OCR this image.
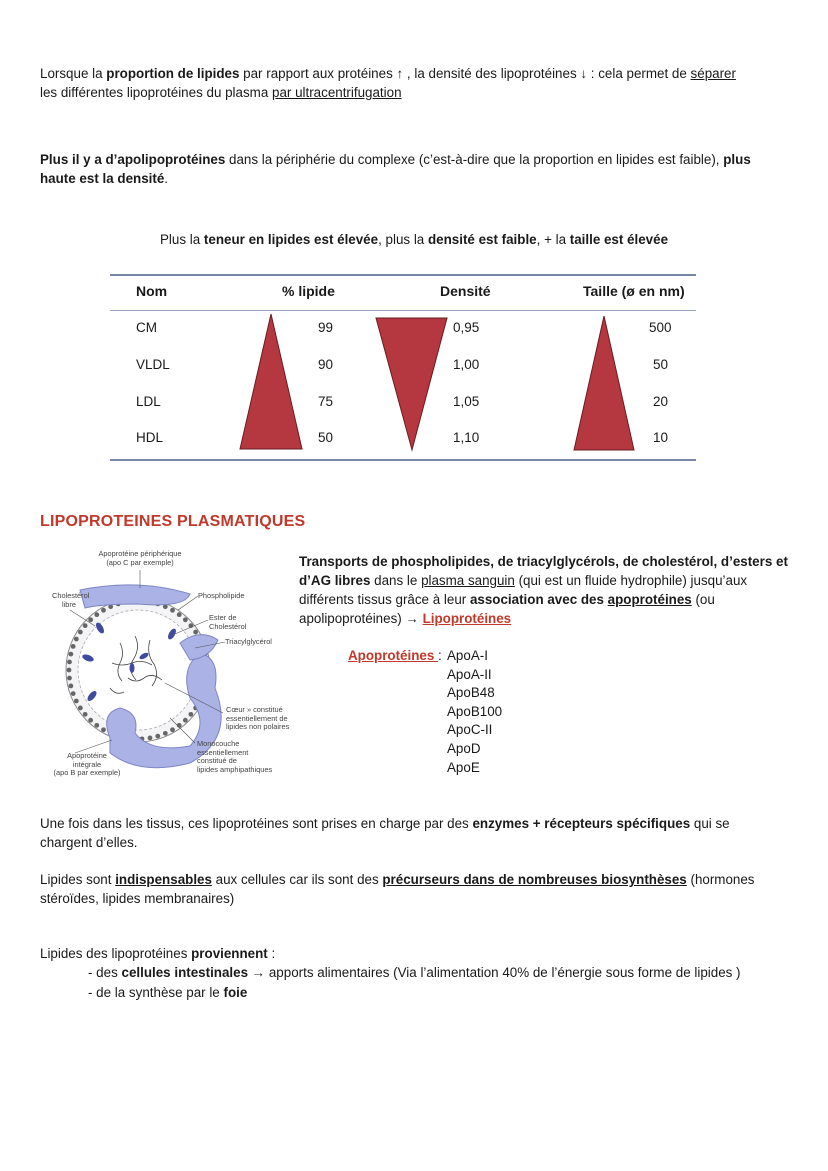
Lorsque la proportion de lipides par rapport aux protéines ↑ , la densité des lipoprotéines ↓ : cela permet de séparer
les différentes lipoprotéines du plasma par ultracentrifugation
Plus il y a d’apolipoprotéines dans la périphérie du complexe (c’est-à-dire que la proportion en lipides est faible), plus
haute est la densité.
Plus la teneur en lipides est élevée, plus la densité est faible, + la taille est élevée
Nom	% lipide	Densité	Taille (ø en nm)
CM	99	0,95	500
VLDL	90	1,00	50
LDL	75	1,05	20
HDL	50	1,10	10
LIPOPROTEINES PLASMATIQUES
Apoprotéine périphérique
(apo C par exemple)
Cholestérol
libre
Phospholipide
Ester de
Cholestérol
Triacylglycérol
Cœur » constitué
essentiellement de
lipides non polaires
Monocouche
essentiellement
constitué de
lipides amphipathiques
Apoprotéine
intégrale
(apo B par exemple)
Transports de phospholipides, de triacylglycérols, de cholestérol, d’esters et
d’AG libres dans le plasma sanguin (qui est un fluide hydrophile) jusqu’aux
différents tissus grâce à leur association avec des apoprotéines (ou
apolipoprotéines) → Lipoprotéines
Apoprotéines : ApoA-I
ApoA-II
ApoB48
ApoB100
ApoC-II
ApoD
ApoE
Une fois dans les tissus, ces lipoprotéines sont prises en charge par des enzymes + récepteurs spécifiques qui se
chargent d’elles.
Lipides sont indispensables aux cellules car ils sont des précurseurs dans de nombreuses biosynthèses (hormones
stéroïdes, lipides membranaires)
Lipides des lipoprotéines proviennent :
- des cellules intestinales → apports alimentaires (Via l’alimentation 40% de l’énergie sous forme de lipides )
- de la synthèse par le foie
